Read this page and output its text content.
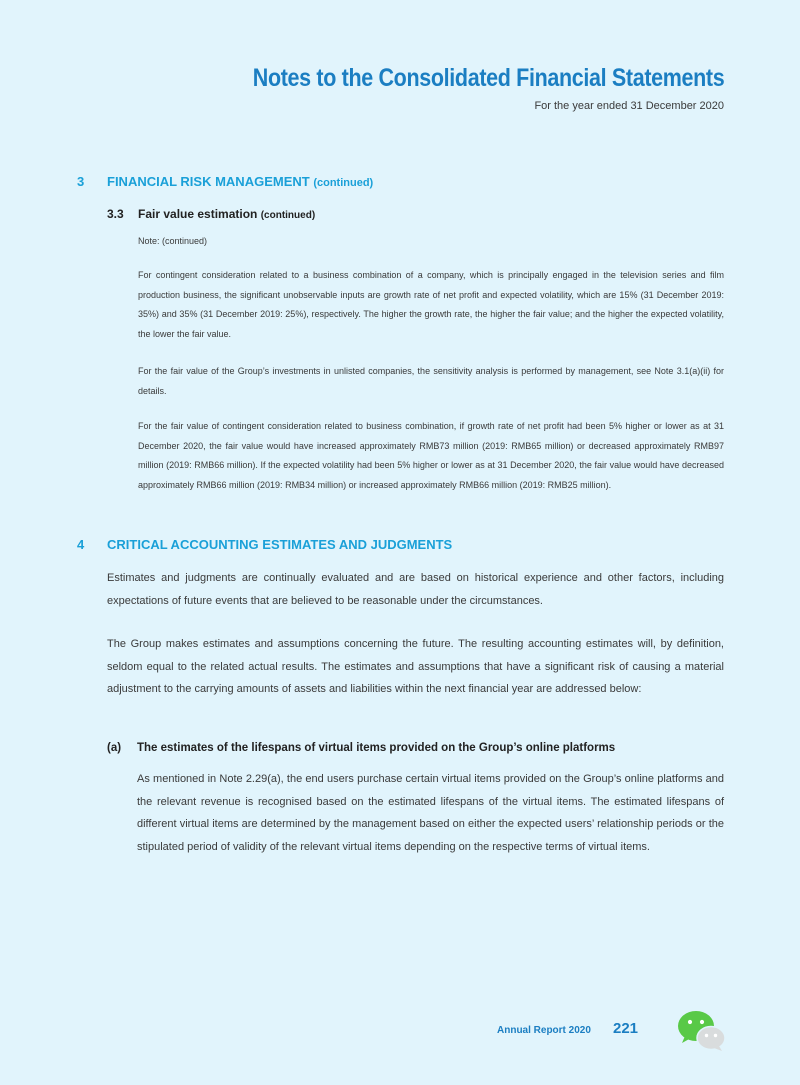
Notes to the Consolidated Financial Statements
For the year ended 31 December 2020
3 FINANCIAL RISK MANAGEMENT (continued)
3.3 Fair value estimation (continued)
Note: (continued)

For contingent consideration related to a business combination of a company, which is principally engaged in the television series and film production business, the significant unobservable inputs are growth rate of net profit and expected volatility, which are 15% (31 December 2019: 35%) and 35% (31 December 2019: 25%), respectively. The higher the growth rate, the higher the fair value; and the higher the expected volatility, the lower the fair value.

For the fair value of the Group’s investments in unlisted companies, the sensitivity analysis is performed by management, see Note 3.1(a)(ii) for details.

For the fair value of contingent consideration related to business combination, if growth rate of net profit had been 5% higher or lower as at 31 December 2020, the fair value would have increased approximately RMB73 million (2019: RMB65 million) or decreased approximately RMB97 million (2019: RMB66 million). If the expected volatility had been 5% higher or lower as at 31 December 2020, the fair value would have decreased approximately RMB66 million (2019: RMB34 million) or increased approximately RMB66 million (2019: RMB25 million).

4 CRITICAL ACCOUNTING ESTIMATES AND JUDGMENTS

Estimates and judgments are continually evaluated and are based on historical experience and other factors, including expectations of future events that are believed to be reasonable under the circumstances.

The Group makes estimates and assumptions concerning the future. The resulting accounting estimates will, by definition, seldom equal to the related actual results. The estimates and assumptions that have a significant risk of causing a material adjustment to the carrying amounts of assets and liabilities within the next financial year are addressed below:

(a) The estimates of the lifespans of virtual items provided on the Group’s online platforms

As mentioned in Note 2.29(a), the end users purchase certain virtual items provided on the Group’s online platforms and the relevant revenue is recognised based on the estimated lifespans of the virtual items. The estimated lifespans of different virtual items are determined by the management based on either the expected users’ relationship periods or the stipulated period of validity of the relevant virtual items depending on the respective terms of virtual items.

Annual Report 2020 221
